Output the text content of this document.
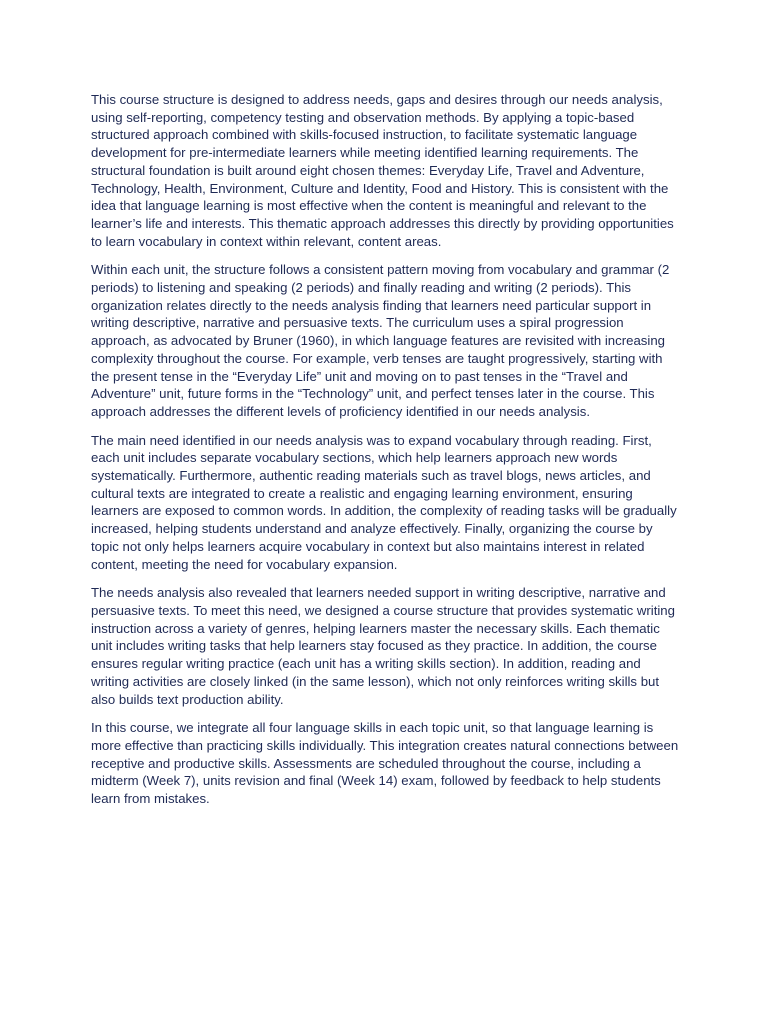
This course structure is designed to address needs, gaps and desires through our needs analysis, using self-reporting, competency testing and observation methods. By applying a topic-based structured approach combined with skills-focused instruction, to facilitate systematic language development for pre-intermediate learners while meeting identified learning requirements. The structural foundation is built around eight chosen themes: Everyday Life, Travel and Adventure, Technology, Health, Environment, Culture and Identity, Food and History. This is consistent with the idea that language learning is most effective when the content is meaningful and relevant to the learner’s life and interests. This thematic approach addresses this directly by providing opportunities to learn vocabulary in context within relevant, content areas.

Within each unit, the structure follows a consistent pattern moving from vocabulary and grammar (2 periods) to listening and speaking (2 periods) and finally reading and writing (2 periods). This organization relates directly to the needs analysis finding that learners need particular support in writing descriptive, narrative and persuasive texts. The curriculum uses a spiral progression approach, as advocated by Bruner (1960), in which language features are revisited with increasing complexity throughout the course. For example, verb tenses are taught progressively, starting with the present tense in the “Everyday Life” unit and moving on to past tenses in the “Travel and Adventure” unit, future forms in the “Technology” unit, and perfect tenses later in the course. This approach addresses the different levels of proficiency identified in our needs analysis.

The main need identified in our needs analysis was to expand vocabulary through reading. First, each unit includes separate vocabulary sections, which help learners approach new words systematically. Furthermore, authentic reading materials such as travel blogs, news articles, and cultural texts are integrated to create a realistic and engaging learning environment, ensuring learners are exposed to common words. In addition, the complexity of reading tasks will be gradually increased, helping students understand and analyze effectively. Finally, organizing the course by topic not only helps learners acquire vocabulary in context but also maintains interest in related content, meeting the need for vocabulary expansion.

The needs analysis also revealed that learners needed support in writing descriptive, narrative and persuasive texts. To meet this need, we designed a course structure that provides systematic writing instruction across a variety of genres, helping learners master the necessary skills. Each thematic unit includes writing tasks that help learners stay focused as they practice. In addition, the course ensures regular writing practice (each unit has a writing skills section). In addition, reading and writing activities are closely linked (in the same lesson), which not only reinforces writing skills but also builds text production ability.

In this course, we integrate all four language skills in each topic unit, so that language learning is more effective than practicing skills individually. This integration creates natural connections between receptive and productive skills. Assessments are scheduled throughout the course, including a midterm (Week 7), units revision and final (Week 14) exam, followed by feedback to help students learn from mistakes.
